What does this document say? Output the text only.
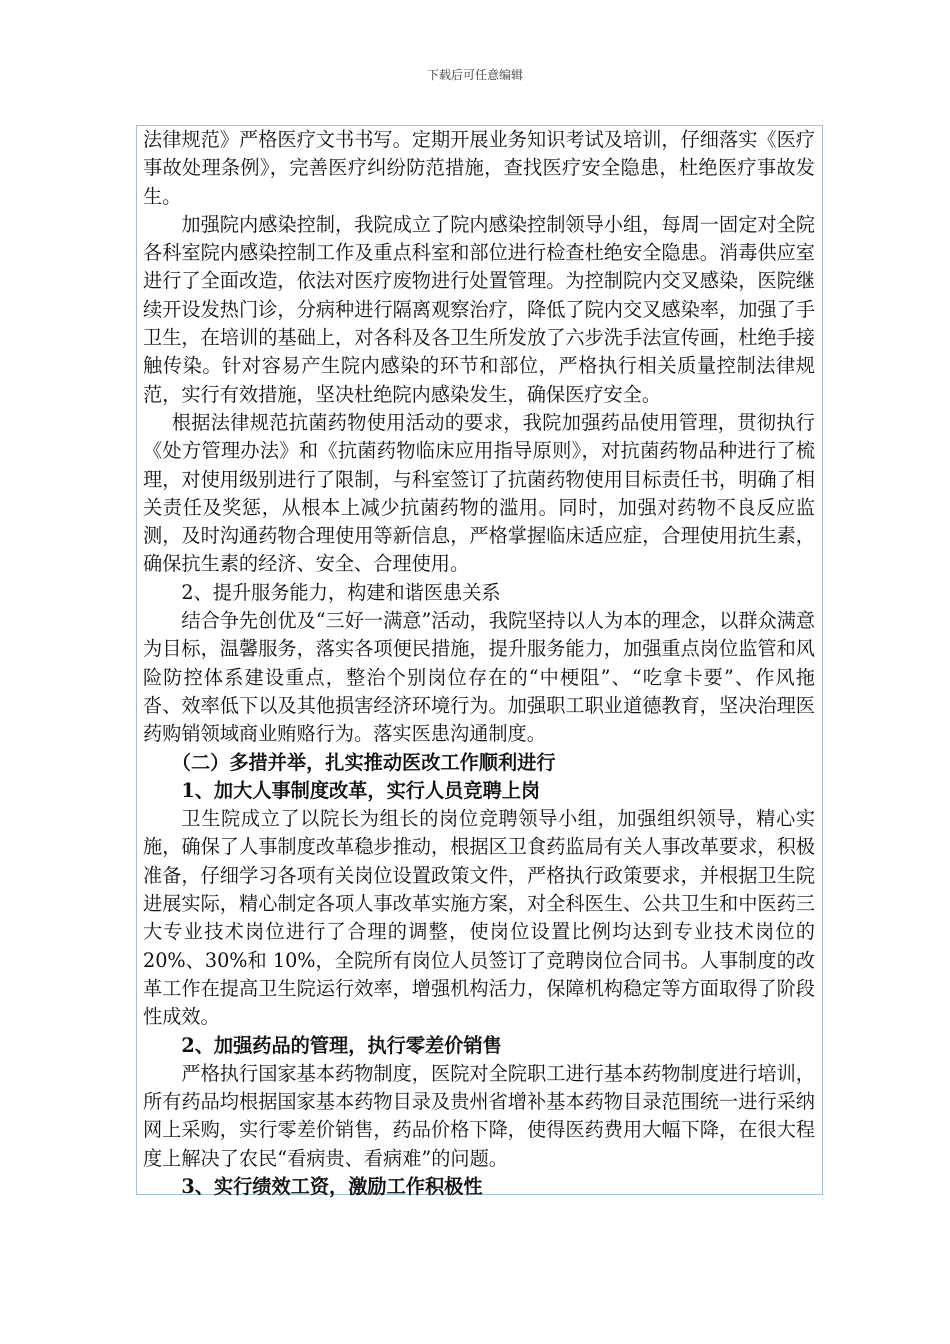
下载后可任意编辑

法律规范》严格医疗文书书写。定期开展业务知识考试及培训，仔细落实《医疗事故处理条例》，完善医疗纠纷防范措施，查找医疗安全隐患，杜绝医疗事故发生。

加强院内感染控制，我院成立了院内感染控制领导小组，每周一固定对全院各科室院内感染控制工作及重点科室和部位进行检查杜绝安全隐患。消毒供应室进行了全面改造，依法对医疗废物进行处置管理。为控制院内交叉感染，医院继续开设发热门诊，分病种进行隔离观察治疗，降低了院内交叉感染率，加强了手卫生，在培训的基础上，对各科及各卫生所发放了六步洗手法宣传画，杜绝手接触传染。针对容易产生院内感染的环节和部位，严格执行相关质量控制法律规范，实行有效措施，坚决杜绝院内感染发生，确保医疗安全。

根据法律规范抗菌药物使用活动的要求，我院加强药品使用管理，贯彻执行《处方管理办法》和《抗菌药物临床应用指导原则》，对抗菌药物品种进行了梳理，对使用级别进行了限制，与科室签订了抗菌药物使用目标责任书，明确了相关责任及奖惩，从根本上减少抗菌药物的滥用。同时，加强对药物不良反应监测，及时沟通药物合理使用等新信息，严格掌握临床适应症，合理使用抗生素，确保抗生素的经济、安全、合理使用。

2、提升服务能力，构建和谐医患关系

结合争先创优及“三好一满意”活动，我院坚持以人为本的理念，以群众满意为目标，温馨服务，落实各项便民措施，提升服务能力，加强重点岗位监管和风险防控体系建设重点，整治个别岗位存在的“中梗阻”、“吃拿卡要”、作风拖沓、效率低下以及其他损害经济环境行为。加强职工职业道德教育，坚决治理医药购销领域商业贿赂行为。落实医患沟通制度。

（二）多措并举，扎实推动医改工作顺利进行

1、加大人事制度改革，实行人员竞聘上岗

卫生院成立了以院长为组长的岗位竞聘领导小组，加强组织领导，精心实施，确保了人事制度改革稳步推动，根据区卫食药监局有关人事改革要求，积极准备，仔细学习各项有关岗位设置政策文件，严格执行政策要求，并根据卫生院进展实际，精心制定各项人事改革实施方案，对全科医生、公共卫生和中医药三大专业技术岗位进行了合理的调整，使岗位设置比例均达到专业技术岗位的 20%、30%和 10%，全院所有岗位人员签订了竞聘岗位合同书。人事制度的改革工作在提高卫生院运行效率，增强机构活力，保障机构稳定等方面取得了阶段性成效。

2、加强药品的管理，执行零差价销售

严格执行国家基本药物制度，医院对全院职工进行基本药物制度进行培训，所有药品均根据国家基本药物目录及贵州省增补基本药物目录范围统一进行采纳网上采购，实行零差价销售，药品价格下降，使得医药费用大幅下降，在很大程度上解决了农民“看病贵、看病难”的问题。

3、实行绩效工资，激励工作积极性
